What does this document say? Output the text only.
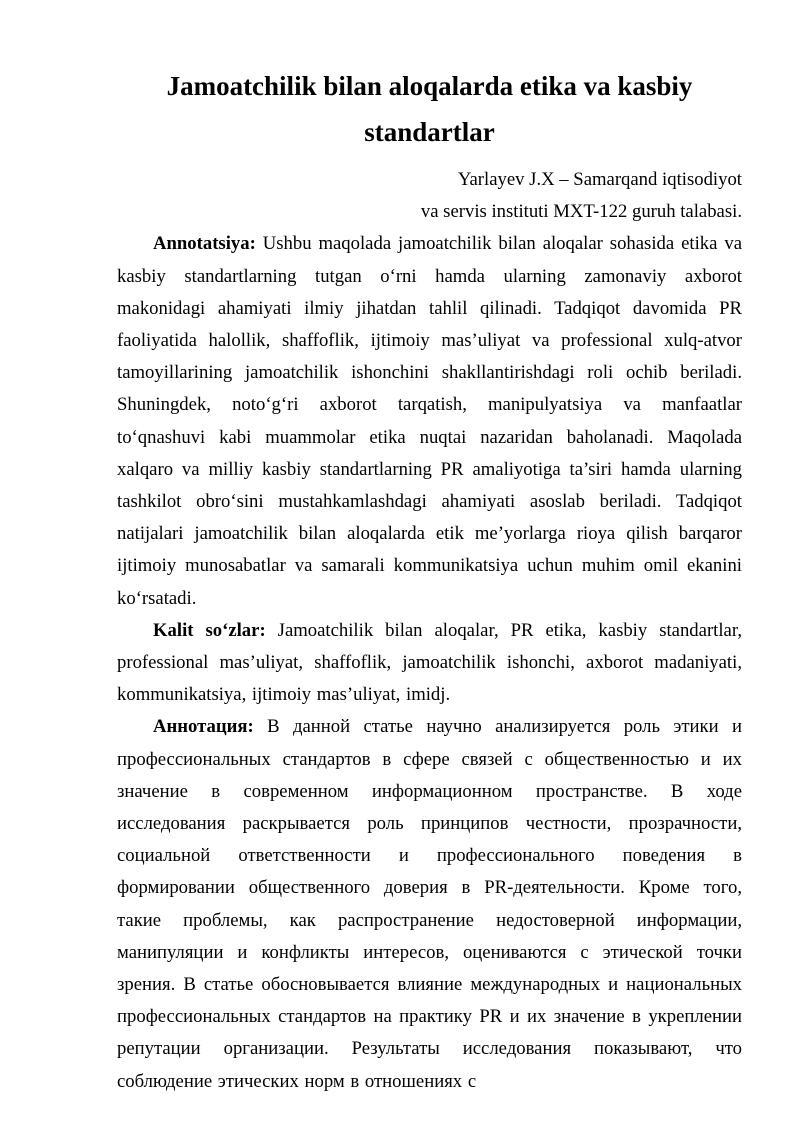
Jamoatchilik bilan aloqalarda etika va kasbiy standartlar
Yarlayev J.X – Samarqand iqtisodiyot
va servis instituti MXT-122 guruh talabasi.

Annotatsiya: Ushbu maqolada jamoatchilik bilan aloqalar sohasida etika va kasbiy standartlarning tutgan oʻrni hamda ularning zamonaviy axborot makonidagi ahamiyati ilmiy jihatdan tahlil qilinadi. Tadqiqot davomida PR faoliyatida halollik, shaffoflik, ijtimoiy mas’uliyat va professional xulq-atvor tamoyillarining jamoatchilik ishonchini shakllantirishdagi roli ochib beriladi. Shuningdek, notoʻgʻri axborot tarqatish, manipulyatsiya va manfaatlar toʻqnashuvi kabi muammolar etika nuqtai nazaridan baholanadi. Maqolada xalqaro va milliy kasbiy standartlarning PR amaliyotiga ta’siri hamda ularning tashkilot obroʻsini mustahkamlashdagi ahamiyati asoslab beriladi. Tadqiqot natijalari jamoatchilik bilan aloqalarda etik me’yorlarga rioya qilish barqaror ijtimoiy munosabatlar va samarali kommunikatsiya uchun muhim omil ekanini koʻrsatadi.

Kalit soʻzlar: Jamoatchilik bilan aloqalar, PR etika, kasbiy standartlar, professional mas’uliyat, shaffoflik, jamoatchilik ishonchi, axborot madaniyati, kommunikatsiya, ijtimoiy mas’uliyat, imidj.

Аннотация: В данной статье научно анализируется роль этики и профессиональных стандартов в сфере связей с общественностью и их значение в современном информационном пространстве. В ходе исследования раскрывается роль принципов честности, прозрачности, социальной ответственности и профессионального поведения в формировании общественного доверия в PR-деятельности. Кроме того, такие проблемы, как распространение недостоверной информации, манипуляции и конфликты интересов, оцениваются с этической точки зрения. В статье обосновывается влияние международных и национальных профессиональных стандартов на практику PR и их значение в укреплении репутации организации. Результаты исследования показывают, что соблюдение этических норм в отношениях с
